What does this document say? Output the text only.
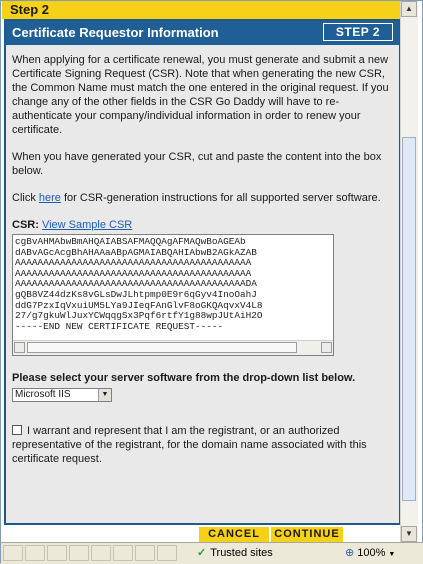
Step 2
Certificate Requestor Information	STEP 2

When applying for a certificate renewal, you must generate and submit a new Certificate Signing Request (CSR). Note that when generating the new CSR, the Common Name must match the one entered in the original request. If you change any of the other fields in the CSR Go Daddy will have to re-authenticate your company/individual information in order to renew your certificate.

When you have generated your CSR, cut and paste the content into the box below.

Click here for CSR-generation instructions for all supported server software.

CSR: View Sample CSR
cgBvAHMAbwBmAHQAIABSAFMAQQAgAFMAQwBoAGEAb
dABvAGcAcgBhAHAAaABpAGMAIABQAHIAbwB2AGkAZAB
AAAAAAAAAAAAAAAAAAAAAAAAAAAAAAAAAAAAAAAAAA
AAAAAAAAAAAAAAAAAAAAAAAAAAAAAAAAAAAAAAAAAA
AAAAAAAAAAAAAAAAAAAAAAAAAAAAAAAAAAAAAAAAADA
gQB8VZ44dzKs8vGLsDwJLhtpmp0E9r6qGyv4InoOahJ
ddG7PzxIqVxuiUM5LYa9JIeqFAnGlvF8oGKQAqvxV4L8
27/g7gkuWlJuxYCWqqgSx3Pqf6rtfY1g88wpJUtAiH2O
-----END NEW CERTIFICATE REQUEST-----
Please select your server software from the drop-down list below.
Microsoft IIS	▼
I warrant and represent that I am the registrant, or an authorized representative of the registrant, for the domain name associated with this certificate request.
CANCEL	CONTINUE
▲
▼
✓ Trusted sites	⊕ 100% ▼
